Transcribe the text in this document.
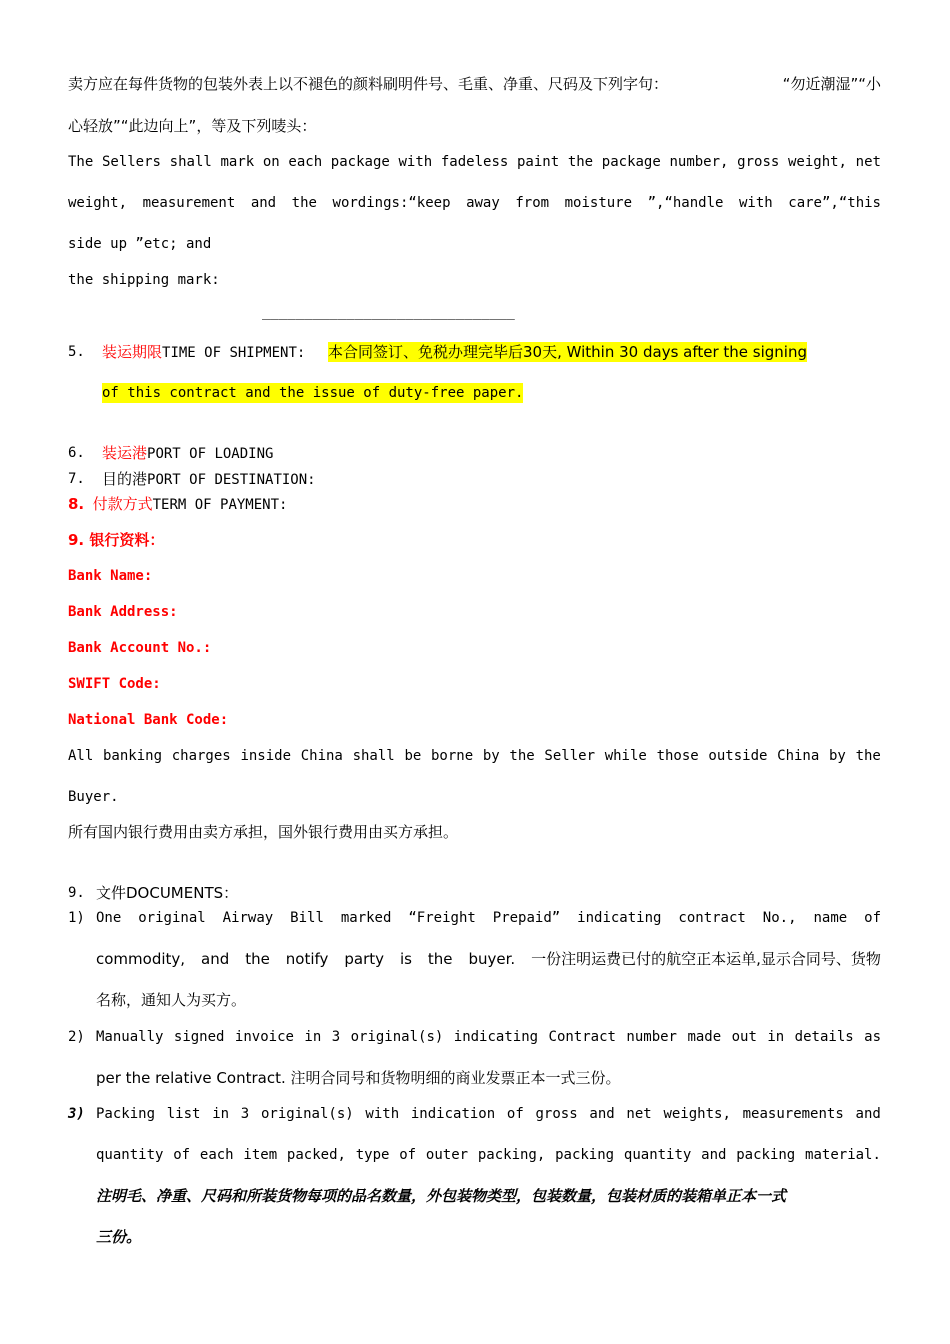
卖方应在每件货物的包装外表上以不褪色的颜料刷明件号、毛重、净重、尺码及下列字句：	“勿近潮湿”“小
心轻放”“此边向上”，等及下列唛头：
The Sellers shall mark on each package with fadeless paint the package number, gross weight, net
weight, measurement and the wordings:“keep away from moisture ”,“handle with care”,“this
side up ”etc; and
the shipping mark:
______________________________
5. 装运期限TIME OF SHIPMENT: 本合同签订、免税办理完毕后30天, Within 30 days after the signing
of this contract and the issue of duty-free paper.
6. 装运港PORT OF LOADING
7. 目的港PORT OF DESTINATION:
8. 付款方式TERM OF PAYMENT:
9. 银行资料：
Bank Name:
Bank Address:
Bank Account No.:
SWIFT Code:
National Bank Code:
All banking charges inside China shall be borne by the Seller while those outside China by the
Buyer.
所有国内银行费用由卖方承担，国外银行费用由买方承担。
9. 文件DOCUMENTS：
1) One original Airway Bill marked “Freight Prepaid” indicating contract No., name of
commodity, and the notify party is the buyer. 一份注明运费已付的航空正本运单,显示合同号、货物
名称，通知人为买方。
2) Manually signed invoice in 3 original(s) indicating Contract number made out in details as
per the relative Contract. 注明合同号和货物明细的商业发票正本一式三份。
3) Packing list in 3 original(s) with indication of gross and net weights, measurements and
quantity of each item packed, type of outer packing, packing quantity and packing material.
注明毛、净重、尺码和所装货物每项的品名数量，外包装物类型，包装数量，包装材质的装箱单正本一式
三份。
